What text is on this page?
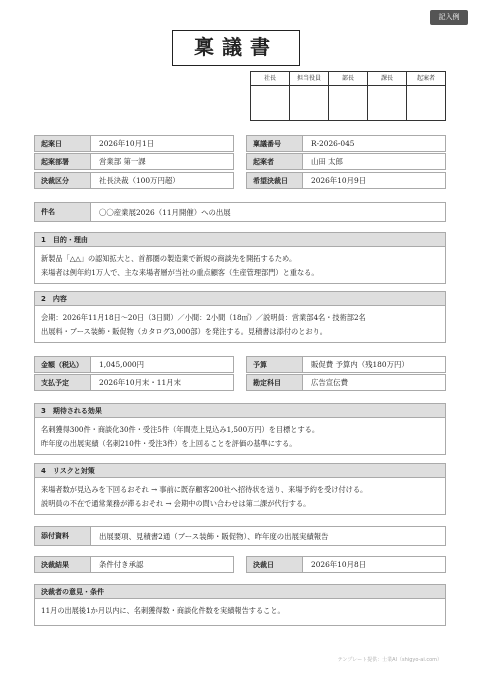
記入例
稟議書
社長	担当役員	部長	課長	起案者
起案日	2026年10月1日	稟議番号	R-2026-045
起案部署	営業部 第一課	起案者	山田 太郎
決裁区分	社長決裁（100万円超）	希望決裁日	2026年10月9日
件名	〇〇産業展2026（11月開催）への出展
1　目的・理由
新製品「△△」の認知拡大と、首都圏の製造業で新規の商談先を開拓するため。
来場者は例年約1万人で、主な来場者層が当社の重点顧客（生産管理部門）と重なる。
2　内容
会期：2026年11月18日〜20日（3日間）／小間：2小間（18㎡）／説明員：営業部4名・技術部2名
出展料・ブース装飾・販促物（カタログ3,000部）を発注する。見積書は添付のとおり。
金額（税込）	1,045,000円	予算	販促費 予算内（残180万円）
支払予定	2026年10月末・11月末	勘定科目	広告宣伝費
3　期待される効果
名刺獲得300件・商談化30件・受注5件（年間売上見込み1,500万円）を目標とする。
昨年度の出展実績（名刺210件・受注3件）を上回ることを評価の基準にする。
4　リスクと対策
来場者数が見込みを下回るおそれ → 事前に既存顧客200社へ招待状を送り、来場予約を受け付ける。
説明員の不在で通常業務が滞るおそれ → 会期中の問い合わせは第二課が代行する。
添付資料	出展要項、見積書2通（ブース装飾・販促物）、昨年度の出展実績報告
決裁結果	条件付き承認	決裁日	2026年10月8日
決裁者の意見・条件
11月の出展後1か月以内に、名刺獲得数・商談化件数を実績報告すること。
テンプレート提供：士業AI（shigyo-ai.com）
